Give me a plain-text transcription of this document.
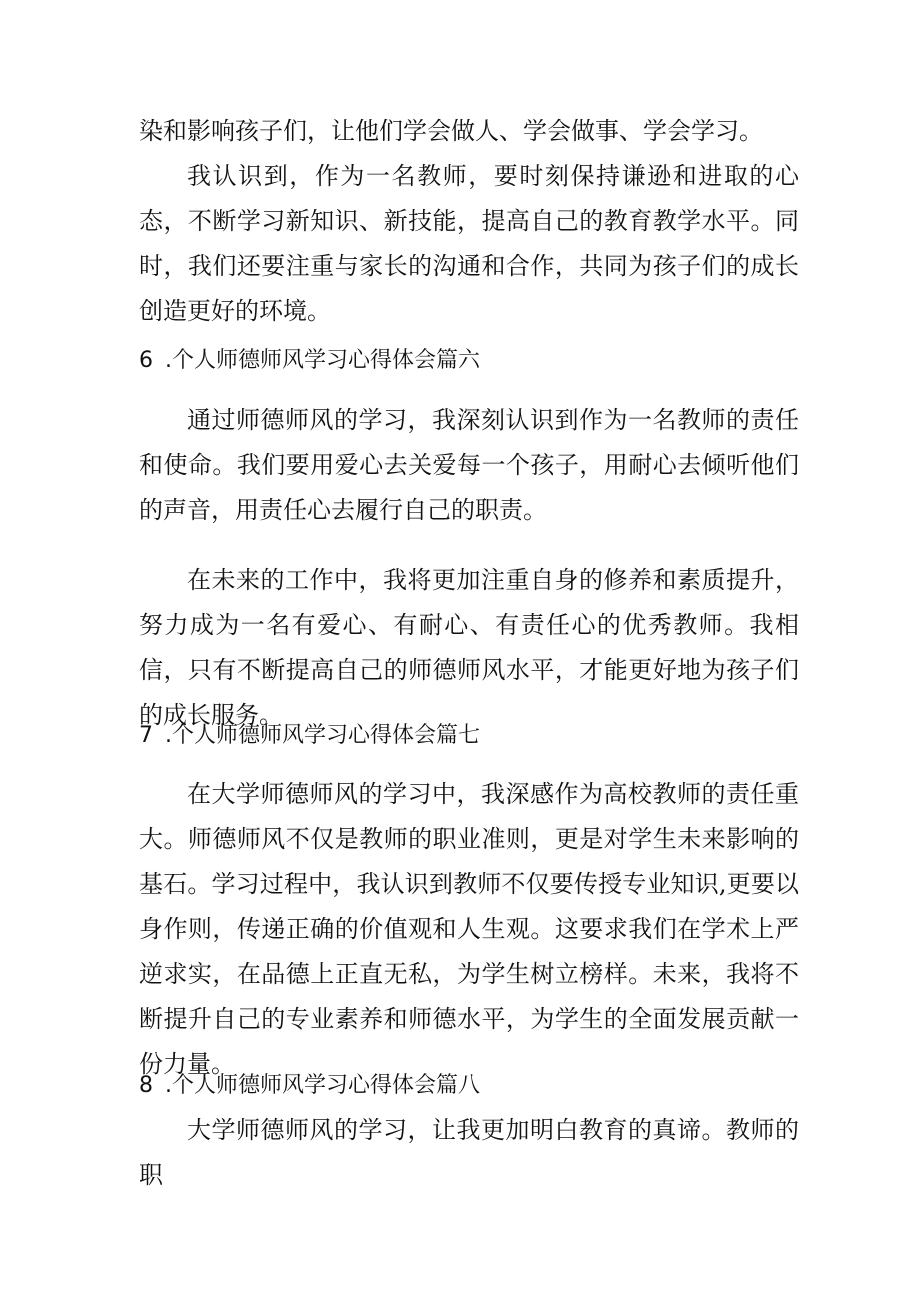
染和影响孩子们，让他们学会做人、学会做事、学会学习。
我认识到，作为一名教师，要时刻保持谦逊和进取的心态，不断学习新知识、新技能，提高自己的教育教学水平。同时，我们还要注重与家长的沟通和合作，共同为孩子们的成长创造更好的环境。
6 .个人师德师风学习心得体会篇六
通过师德师风的学习，我深刻认识到作为一名教师的责任和使命。我们要用爱心去关爱每一个孩子，用耐心去倾听他们的声音，用责任心去履行自己的职责。
在未来的工作中，我将更加注重自身的修养和素质提升，努力成为一名有爱心、有耐心、有责任心的优秀教师。我相信，只有不断提高自己的师德师风水平，才能更好地为孩子们的成长服务。
7 .个人师德师风学习心得体会篇七
在大学师德师风的学习中，我深感作为高校教师的责任重大。师德师风不仅是教师的职业准则，更是对学生未来影响的基石。学习过程中，我认识到教师不仅要传授专业知识,更要以身作则，传递正确的价值观和人生观。这要求我们在学术上严逆求实，在品德上正直无私，为学生树立榜样。未来，我将不断提升自己的专业素养和师德水平，为学生的全面发展贡献一份力量。
8 .个人师德师风学习心得体会篇八
大学师德师风的学习，让我更加明白教育的真谛。教师的职
